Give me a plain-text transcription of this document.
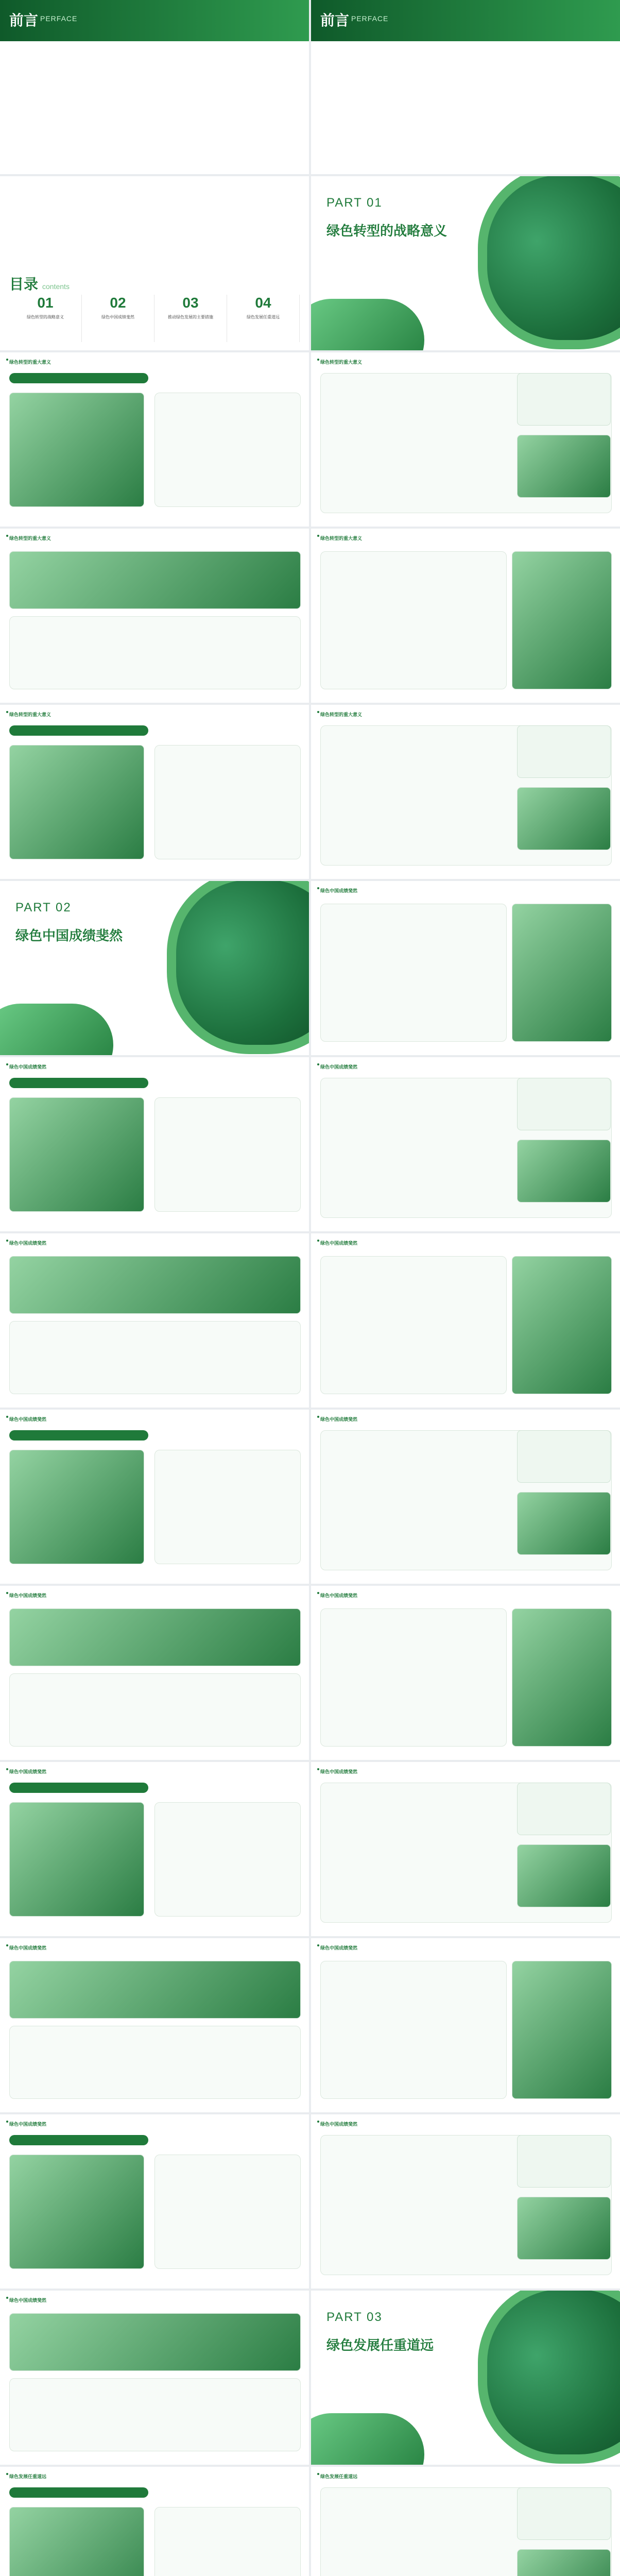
前言 PERFACE	前言 PERFACE
目录 contents
01
绿色转型的战略意义
02
绿色中国成绩斐然
03
推动绿色发展的主要措施
04
绿色发展任重道远
PART 01
绿色转型的战略意义
绿色转型的重大意义	绿色转型的重大意义
绿色转型的重大意义	绿色转型的重大意义
绿色转型的重大意义	绿色转型的重大意义
PART 02
绿色中国成绩斐然
绿色中国成绩斐然
绿色中国成绩斐然	绿色中国成绩斐然
绿色中国成绩斐然	绿色中国成绩斐然
绿色中国成绩斐然	绿色中国成绩斐然
绿色中国成绩斐然	绿色中国成绩斐然
绿色中国成绩斐然	绿色中国成绩斐然
绿色中国成绩斐然	绿色中国成绩斐然
绿色中国成绩斐然	绿色中国成绩斐然
绿色中国成绩斐然
PART 03
绿色发展任重道远
绿色发展任重道远	绿色发展任重道远
